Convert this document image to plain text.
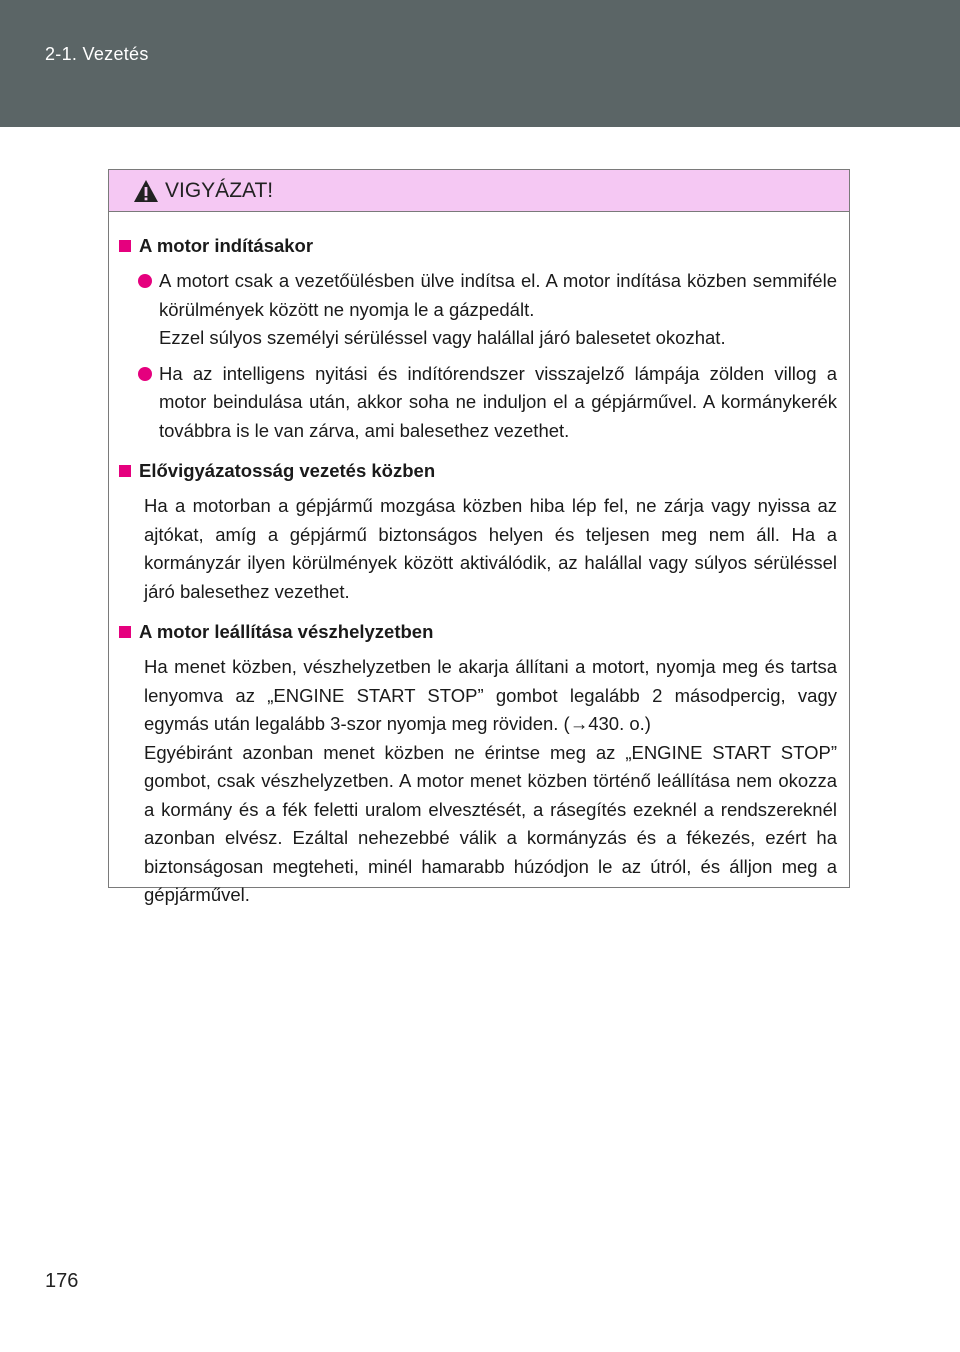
2-1. Vezetés
VIGYÁZAT!
A motor indításakor

A motort csak a vezetőülésben ülve indítsa el. A motor indítása közben semmiféle körülmények között ne nyomja le a gázpedált.

Ezzel súlyos személyi sérüléssel vagy halállal járó balesetet okozhat.

Ha az intelligens nyitási és indítórendszer visszajelző lámpája zölden villog a motor beindulása után, akkor soha ne induljon el a gépjárművel. A kormánykerék továbbra is le van zárva, ami balesethez vezethet.

Elővigyázatosság vezetés közben

Ha a motorban a gépjármű mozgása közben hiba lép fel, ne zárja vagy nyissa az ajtókat, amíg a gépjármű biztonságos helyen és teljesen meg nem áll. Ha a kormányzár ilyen körülmények között aktiválódik, az halállal vagy súlyos sérüléssel járó balesethez vezethet.

A motor leállítása vészhelyzetben

Ha menet közben, vészhelyzetben le akarja állítani a motort, nyomja meg és tartsa lenyomva az „ENGINE START STOP” gombot legalább 2 másodpercig, vagy egymás után legalább 3-szor nyomja meg röviden. (→430. o.)

Egyébiránt azonban menet közben ne érintse meg az „ENGINE START STOP” gombot, csak vészhelyzetben. A motor menet közben történő leállítása nem okozza a kormány és a fék feletti uralom elvesztését, a rásegítés ezeknél a rendszereknél azonban elvész. Ezáltal nehezebbé válik a kormányzás és a fékezés, ezért ha biztonságosan megteheti, minél hamarabb húzódjon le az útról, és álljon meg a gépjárművel.

176
